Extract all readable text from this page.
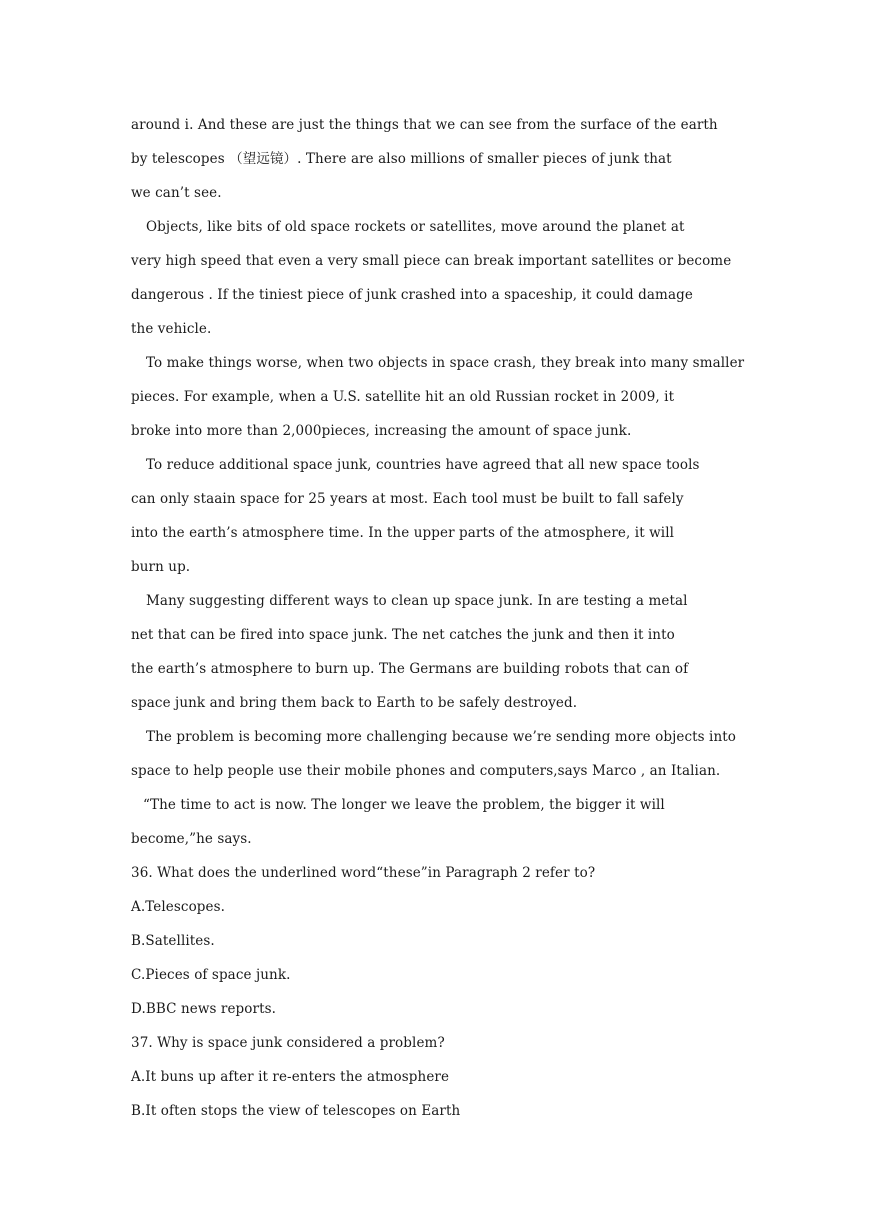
around i. And these are just the things that we can see from the surface of the earth
by telescopes （望远镜）. There are also millions of smaller pieces of junk that
we can’t see.
Objects, like bits of old space rockets or satellites, move around the planet at
very high speed that even a very small piece can break important satellites or become
dangerous . If the tiniest piece of junk crashed into a spaceship, it could damage
the vehicle.
To make things worse, when two objects in space crash, they break into many smaller
pieces. For example, when a U.S. satellite hit an old Russian rocket in 2009, it
broke into more than 2,000pieces, increasing the amount of space junk.
To reduce additional space junk, countries have agreed that all new space tools
can only staain space for 25 years at most. Each tool must be built to fall safely
into the earth’s atmosphere time. In the upper parts of the atmosphere, it will
burn up.
Many suggesting different ways to clean up space junk. In are testing a metal
net that can be fired into space junk. The net catches the junk and then it into
the earth’s atmosphere to burn up. The Germans are building robots that can of
space junk and bring them back to Earth to be safely destroyed.
The problem is becoming more challenging because we’re sending more objects into
space to help people use their mobile phones and computers,says Marco , an Italian.
“The time to act is now. The longer we leave the problem, the bigger it will
become,”he says.
36. What does the underlined word“these”in Paragraph 2 refer to?
A.Telescopes.
B.Satellites.
C.Pieces of space junk.
D.BBC news reports.
37. Why is space junk considered a problem?
A.It buns up after it re-enters the atmosphere
B.It often stops the view of telescopes on Earth
